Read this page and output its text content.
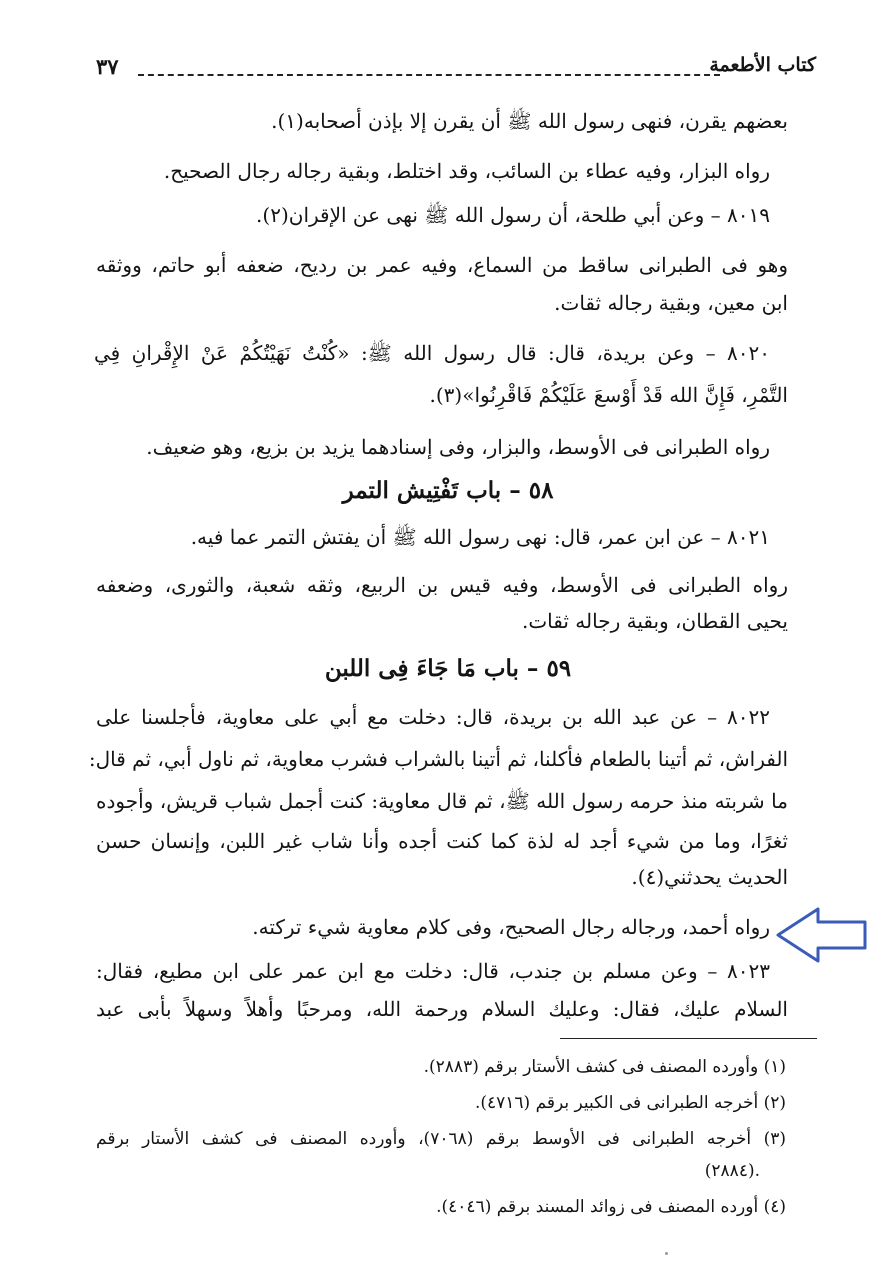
كتاب الأطعمة
٣٧
بعضهم يقرن، فنهى رسول الله ﷺ أن يقرن إلا بإذن أصحابه(١).
رواه البزار، وفيه عطاء بن السائب، وقد اختلط، وبقية رجاله رجال الصحيح.
٨٠١٩ – وعن أبي طلحة، أن رسول الله ﷺ نهى عن الإقران(٢).
وهو فى الطبرانى ساقط من السماع، وفيه عمر بن رديح، ضعفه أبو حاتم، ووثقه
ابن معين، وبقية رجاله ثقات.
٨٠٢٠ – وعن بريدة، قال: قال رسول الله ﷺ: «كُنْتُ نَهَيْتُكُمْ عَنْ الإِقْرانِ فِي
التَّمْرِ، فَإِنَّ الله قَدْ أَوْسعَ عَلَيْكُمْ فَاقْرِنُوا»(٣).
رواه الطبرانى فى الأوسط، والبزار، وفى إسنادهما يزيد بن بزيع، وهو ضعيف.
٥٨ – باب تَفْتِيش التمر
٨٠٢١ – عن ابن عمر، قال: نهى رسول الله ﷺ أن يفتش التمر عما فيه.
رواه الطبرانى فى الأوسط، وفيه قيس بن الربيع، وثقه شعبة، والثورى، وضعفه
يحيى القطان، وبقية رجاله ثقات.
٥٩ – باب مَا جَاءَ فِى اللبن
٨٠٢٢ – عن عبد الله بن بريدة، قال: دخلت مع أبي على معاوية، فأجلسنا على
الفراش، ثم أتينا بالطعام فأكلنا، ثم أتينا بالشراب فشرب معاوية، ثم ناول أبي، ثم قال:
ما شربته منذ حرمه رسول الله ﷺ، ثم قال معاوية: كنت أجمل شباب قريش، وأجوده
ثغرًا، وما من شيء أجد له لذة كما كنت أجده وأنا شاب غير اللبن، وإنسان حسن
الحديث يحدثني(٤).
رواه أحمد، ورجاله رجال الصحيح، وفى كلام معاوية شيء تركته.
٨٠٢٣ – وعن مسلم بن جندب، قال: دخلت مع ابن عمر على ابن مطيع، فقال:
السلام عليك، فقال: وعليك السلام ورحمة الله، ومرحبًا وأهلاً وسهلاً بأبى عبد
(١) وأورده المصنف فى كشف الأستار برقم (٢٨٨٣).
(٢) أخرجه الطبرانى فى الكبير برقم (٤٧١٦).
(٣) أخرجه الطبرانى فى الأوسط برقم (٧٠٦٨)، وأورده المصنف فى كشف الأستار برقم
(٢٨٨٤).
(٤) أورده المصنف فى زوائد المسند برقم (٤٠٤٦).
